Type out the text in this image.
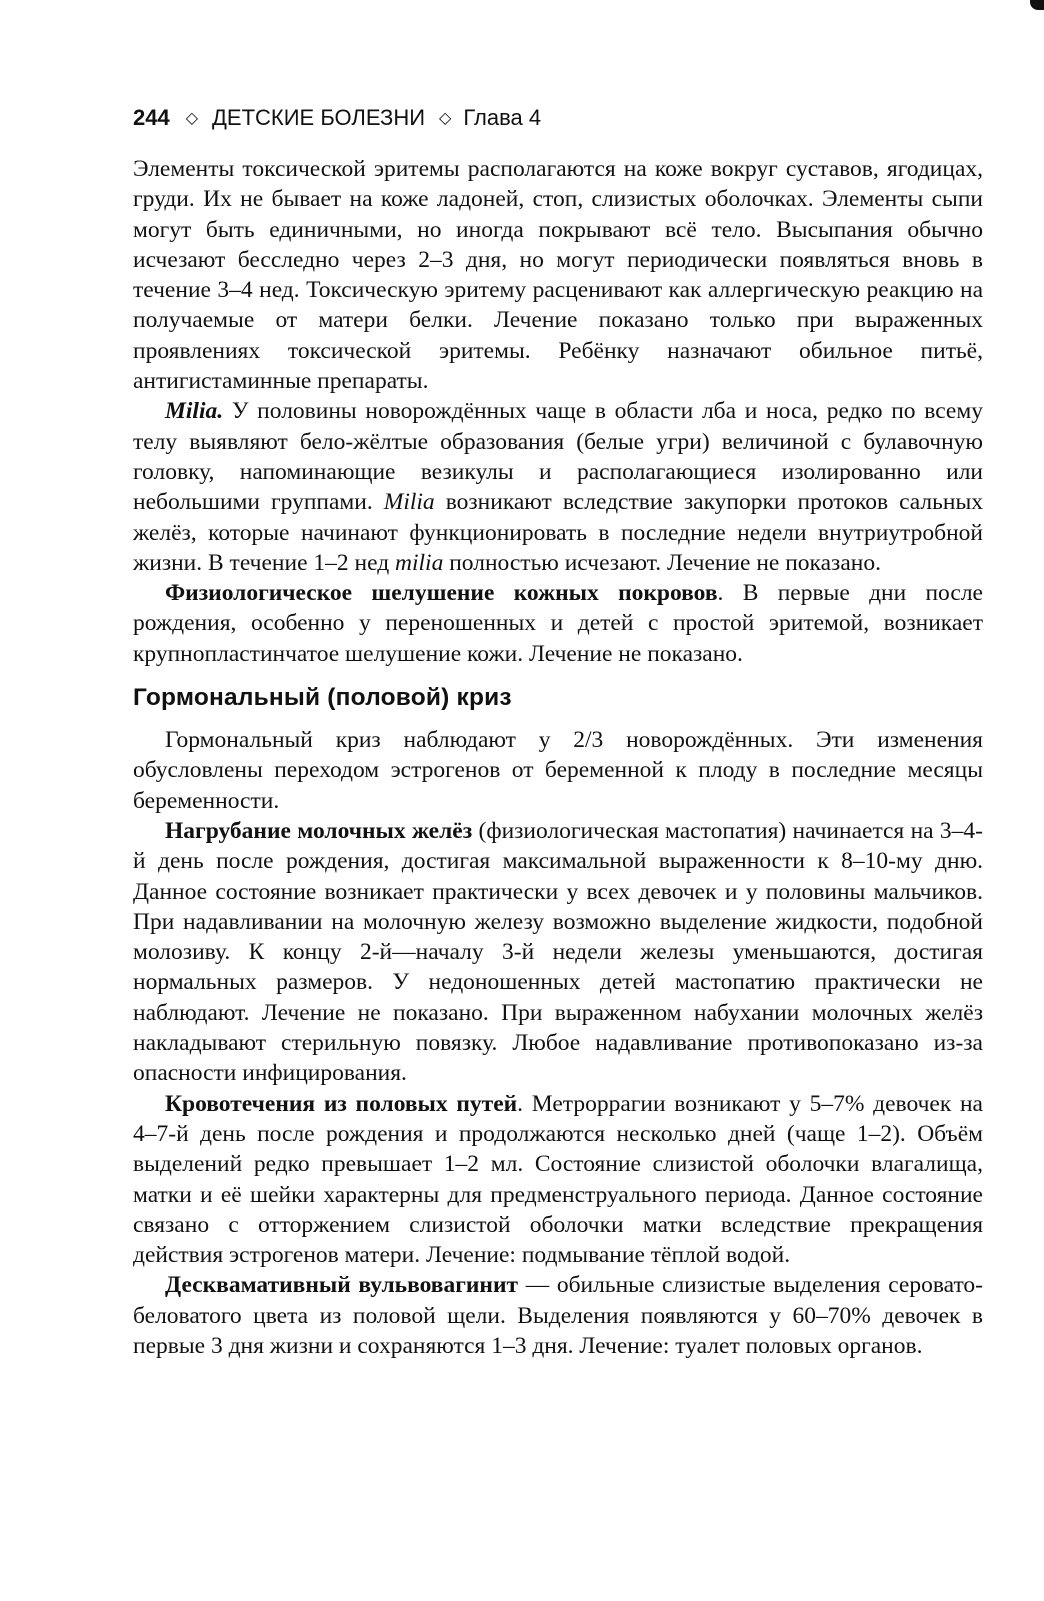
244 ◇ ДЕТСКИЕ БОЛЕЗНИ ◇ Глава 4

Элементы токсической эритемы располагаются на коже вокруг суставов, ягодицах, груди. Их не бывает на коже ладоней, стоп, слизистых оболочках. Элементы сыпи могут быть единичными, но иногда покрывают всё тело. Высыпания обычно исчезают бесследно через 2–3 дня, но могут периодически появляться вновь в течение 3–4 нед. Токсическую эритему расценивают как аллергическую реакцию на получаемые от матери белки. Лечение показано только при выраженных проявлениях токсической эритемы. Ребёнку назначают обильное питьё, антигистаминные препараты.

Milia. У половины новорождённых чаще в области лба и носа, редко по всему телу выявляют бело-жёлтые образования (белые угри) величиной с булавочную головку, напоминающие везикулы и располагающиеся изолированно или небольшими группами. Milia возникают вследствие закупорки протоков сальных желёз, которые начинают функционировать в последние недели внутриутробной жизни. В течение 1–2 нед milia полностью исчезают. Лечение не показано.

Физиологическое шелушение кожных покровов. В первые дни после рождения, особенно у переношенных и детей с простой эритемой, возникает крупнопластинчатое шелушение кожи. Лечение не показано.

Гормональный (половой) криз

Гормональный криз наблюдают у 2/3 новорождённых. Эти изменения обусловлены переходом эстрогенов от беременной к плоду в последние месяцы беременности.

Нагрубание молочных желёз (физиологическая мастопатия) начинается на 3–4-й день после рождения, достигая максимальной выраженности к 8–10-му дню. Данное состояние возникает практически у всех девочек и у половины мальчиков. При надавливании на молочную железу возможно выделение жидкости, подобной молозиву. К концу 2-й—началу 3-й недели железы уменьшаются, достигая нормальных размеров. У недоношенных детей мастопатию практически не наблюдают. Лечение не показано. При выраженном набухании молочных желёз накладывают стерильную повязку. Любое надавливание противопоказано из-за опасности инфицирования.

Кровотечения из половых путей. Метроррагии возникают у 5–7% девочек на 4–7-й день после рождения и продолжаются несколько дней (чаще 1–2). Объём выделений редко превышает 1–2 мл. Состояние слизистой оболочки влагалища, матки и её шейки характерны для предменструального периода. Данное состояние связано с отторжением слизистой оболочки матки вследствие прекращения действия эстрогенов матери. Лечение: подмывание тёплой водой.

Десквамативный вульвовагинит — обильные слизистые выделения серовато-беловатого цвета из половой щели. Выделения появляются у 60–70% девочек в первые 3 дня жизни и сохраняются 1–3 дня. Лечение: туалет половых органов.
